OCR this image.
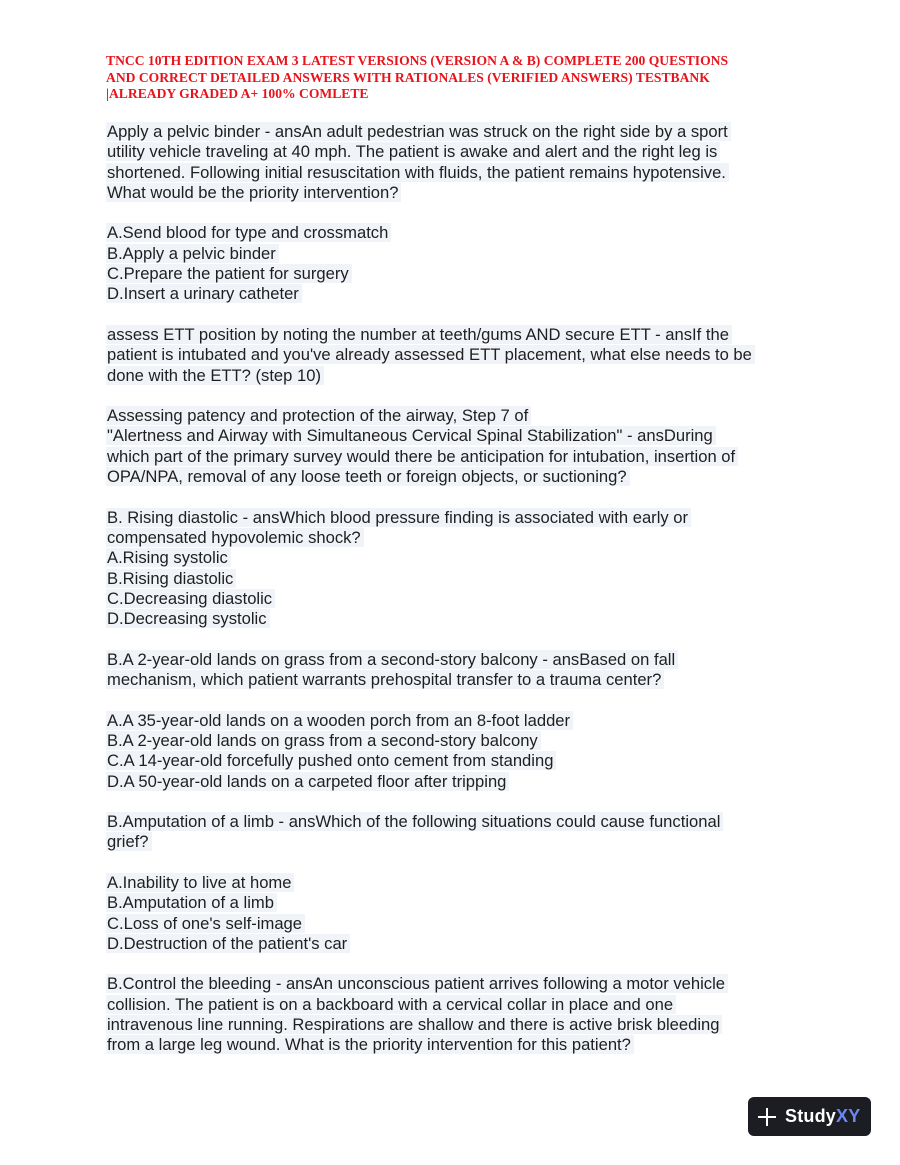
TNCC 10TH EDITION EXAM 3 LATEST VERSIONS (VERSION A & B) COMPLETE 200 QUESTIONS
AND CORRECT DETAILED ANSWERS WITH RATIONALES (VERIFIED ANSWERS) TESTBANK
|ALREADY GRADED A+ 100% COMLETE
Apply a pelvic binder - ansAn adult pedestrian was struck on the right side by a sport
utility vehicle traveling at 40 mph. The patient is awake and alert and the right leg is
shortened. Following initial resuscitation with fluids, the patient remains hypotensive.
What would be the priority intervention?
A.Send blood for type and crossmatch
B.Apply a pelvic binder
C.Prepare the patient for surgery
D.Insert a urinary catheter
assess ETT position by noting the number at teeth/gums AND secure ETT - ansIf the
patient is intubated and you've already assessed ETT placement, what else needs to be
done with the ETT? (step 10)
Assessing patency and protection of the airway, Step 7 of
"Alertness and Airway with Simultaneous Cervical Spinal Stabilization" - ansDuring
which part of the primary survey would there be anticipation for intubation, insertion of
OPA/NPA, removal of any loose teeth or foreign objects, or suctioning?
B. Rising diastolic - ansWhich blood pressure finding is associated with early or
compensated hypovolemic shock?
A.Rising systolic
B.Rising diastolic
C.Decreasing diastolic
D.Decreasing systolic
B.A 2-year-old lands on grass from a second-story balcony - ansBased on fall
mechanism, which patient warrants prehospital transfer to a trauma center?
A.A 35-year-old lands on a wooden porch from an 8-foot ladder
B.A 2-year-old lands on grass from a second-story balcony
C.A 14-year-old forcefully pushed onto cement from standing
D.A 50-year-old lands on a carpeted floor after tripping
B.Amputation of a limb - ansWhich of the following situations could cause functional
grief?
A.Inability to live at home
B.Amputation of a limb
C.Loss of one's self-image
D.Destruction of the patient's car
B.Control the bleeding - ansAn unconscious patient arrives following a motor vehicle
collision. The patient is on a backboard with a cervical collar in place and one
intravenous line running. Respirations are shallow and there is active brisk bleeding
from a large leg wound. What is the priority intervention for this patient?
StudyXY
